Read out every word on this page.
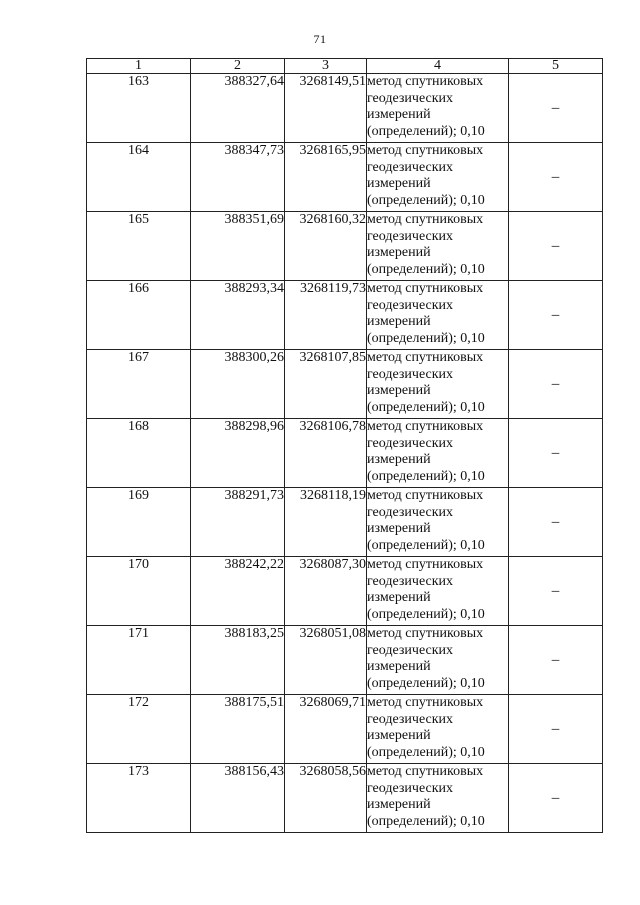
71
1	2	3	4	5
163	388327,64	3268149,51	метод спутниковых
геодезических
измерений
(определений); 0,10	–
164	388347,73	3268165,95	метод спутниковых
геодезических
измерений
(определений); 0,10	–
165	388351,69	3268160,32	метод спутниковых
геодезических
измерений
(определений); 0,10	–
166	388293,34	3268119,73	метод спутниковых
геодезических
измерений
(определений); 0,10	–
167	388300,26	3268107,85	метод спутниковых
геодезических
измерений
(определений); 0,10	–
168	388298,96	3268106,78	метод спутниковых
геодезических
измерений
(определений); 0,10	–
169	388291,73	3268118,19	метод спутниковых
геодезических
измерений
(определений); 0,10	–
170	388242,22	3268087,30	метод спутниковых
геодезических
измерений
(определений); 0,10	–
171	388183,25	3268051,08	метод спутниковых
геодезических
измерений
(определений); 0,10	–
172	388175,51	3268069,71	метод спутниковых
геодезических
измерений
(определений); 0,10	–
173	388156,43	3268058,56	метод спутниковых
геодезических
измерений
(определений); 0,10	–
